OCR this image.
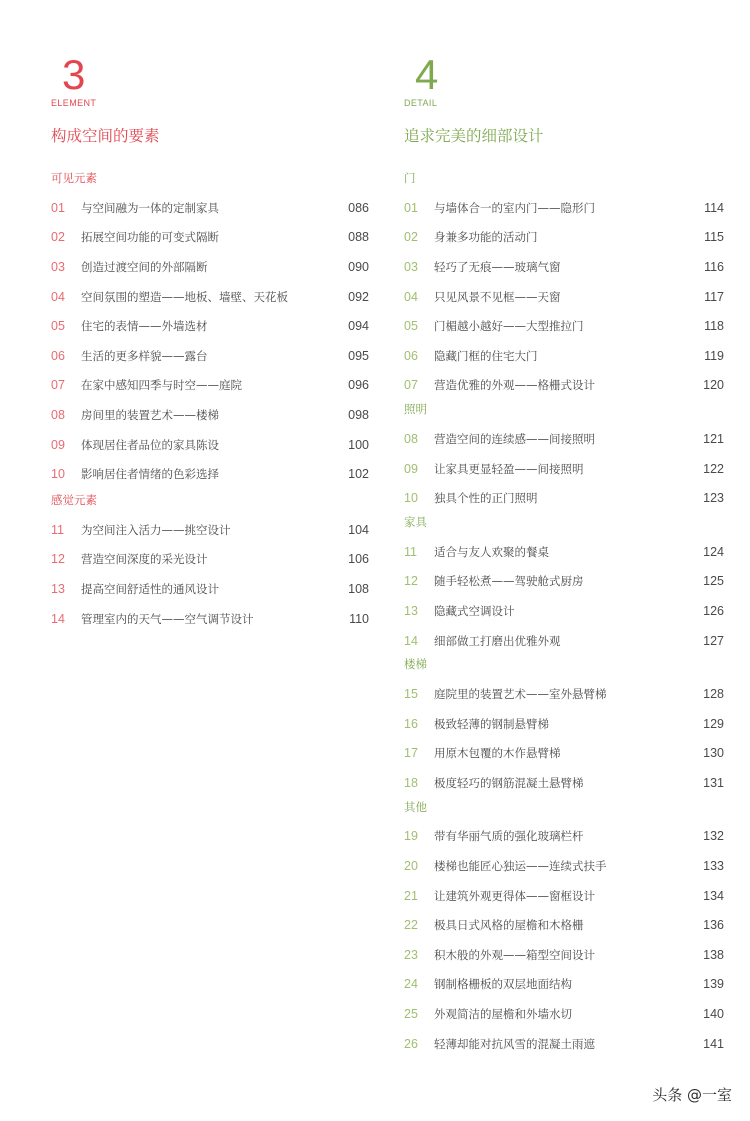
3
ELEMENT
构成空间的要素
可见元素
01	与空间融为一体的定制家具	086
02	拓展空间功能的可变式隔断	088
03	创造过渡空间的外部隔断	090
04	空间氛围的塑造——地板、墙壁、天花板	092
05	住宅的表情——外墙选材	094
06	生活的更多样貌——露台	095
07	在家中感知四季与时空——庭院	096
08	房间里的装置艺术——楼梯	098
09	体现居住者品位的家具陈设	100
10	影响居住者情绪的色彩选择	102
感觉元素
11	为空间注入活力——挑空设计	104
12	营造空间深度的采光设计	106
13	提高空间舒适性的通风设计	108
14	管理室内的天气——空气调节设计	110
4
DETAIL
追求完美的细部设计
门
01	与墙体合一的室内门——隐形门	114
02	身兼多功能的活动门	115
03	轻巧了无痕——玻璃气窗	116
04	只见风景不见框——天窗	117
05	门楣越小越好——大型推拉门	118
06	隐藏门框的住宅大门	119
07	营造优雅的外观——格栅式设计	120
照明
08	营造空间的连续感——间接照明	121
09	让家具更显轻盈——间接照明	122
10	独具个性的正门照明	123
家具
11	适合与友人欢聚的餐桌	124
12	随手轻松煮——驾驶舱式厨房	125
13	隐藏式空调设计	126
14	细部做工打磨出优雅外观	127
楼梯
15	庭院里的装置艺术——室外悬臂梯	128
16	极致轻薄的钢制悬臂梯	129
17	用原木包覆的木作悬臂梯	130
18	极度轻巧的钢筋混凝土悬臂梯	131
其他
19	带有华丽气质的强化玻璃栏杆	132
20	楼梯也能匠心独运——连续式扶手	133
21	让建筑外观更得体——窗框设计	134
22	极具日式风格的屋檐和木格栅	136
23	积木般的外观——箱型空间设计	138
24	钢制格栅板的双层地面结构	139
25	外观简洁的屋檐和外墙水切	140
26	轻薄却能对抗风雪的混凝土雨遮	141
头条 @一室
